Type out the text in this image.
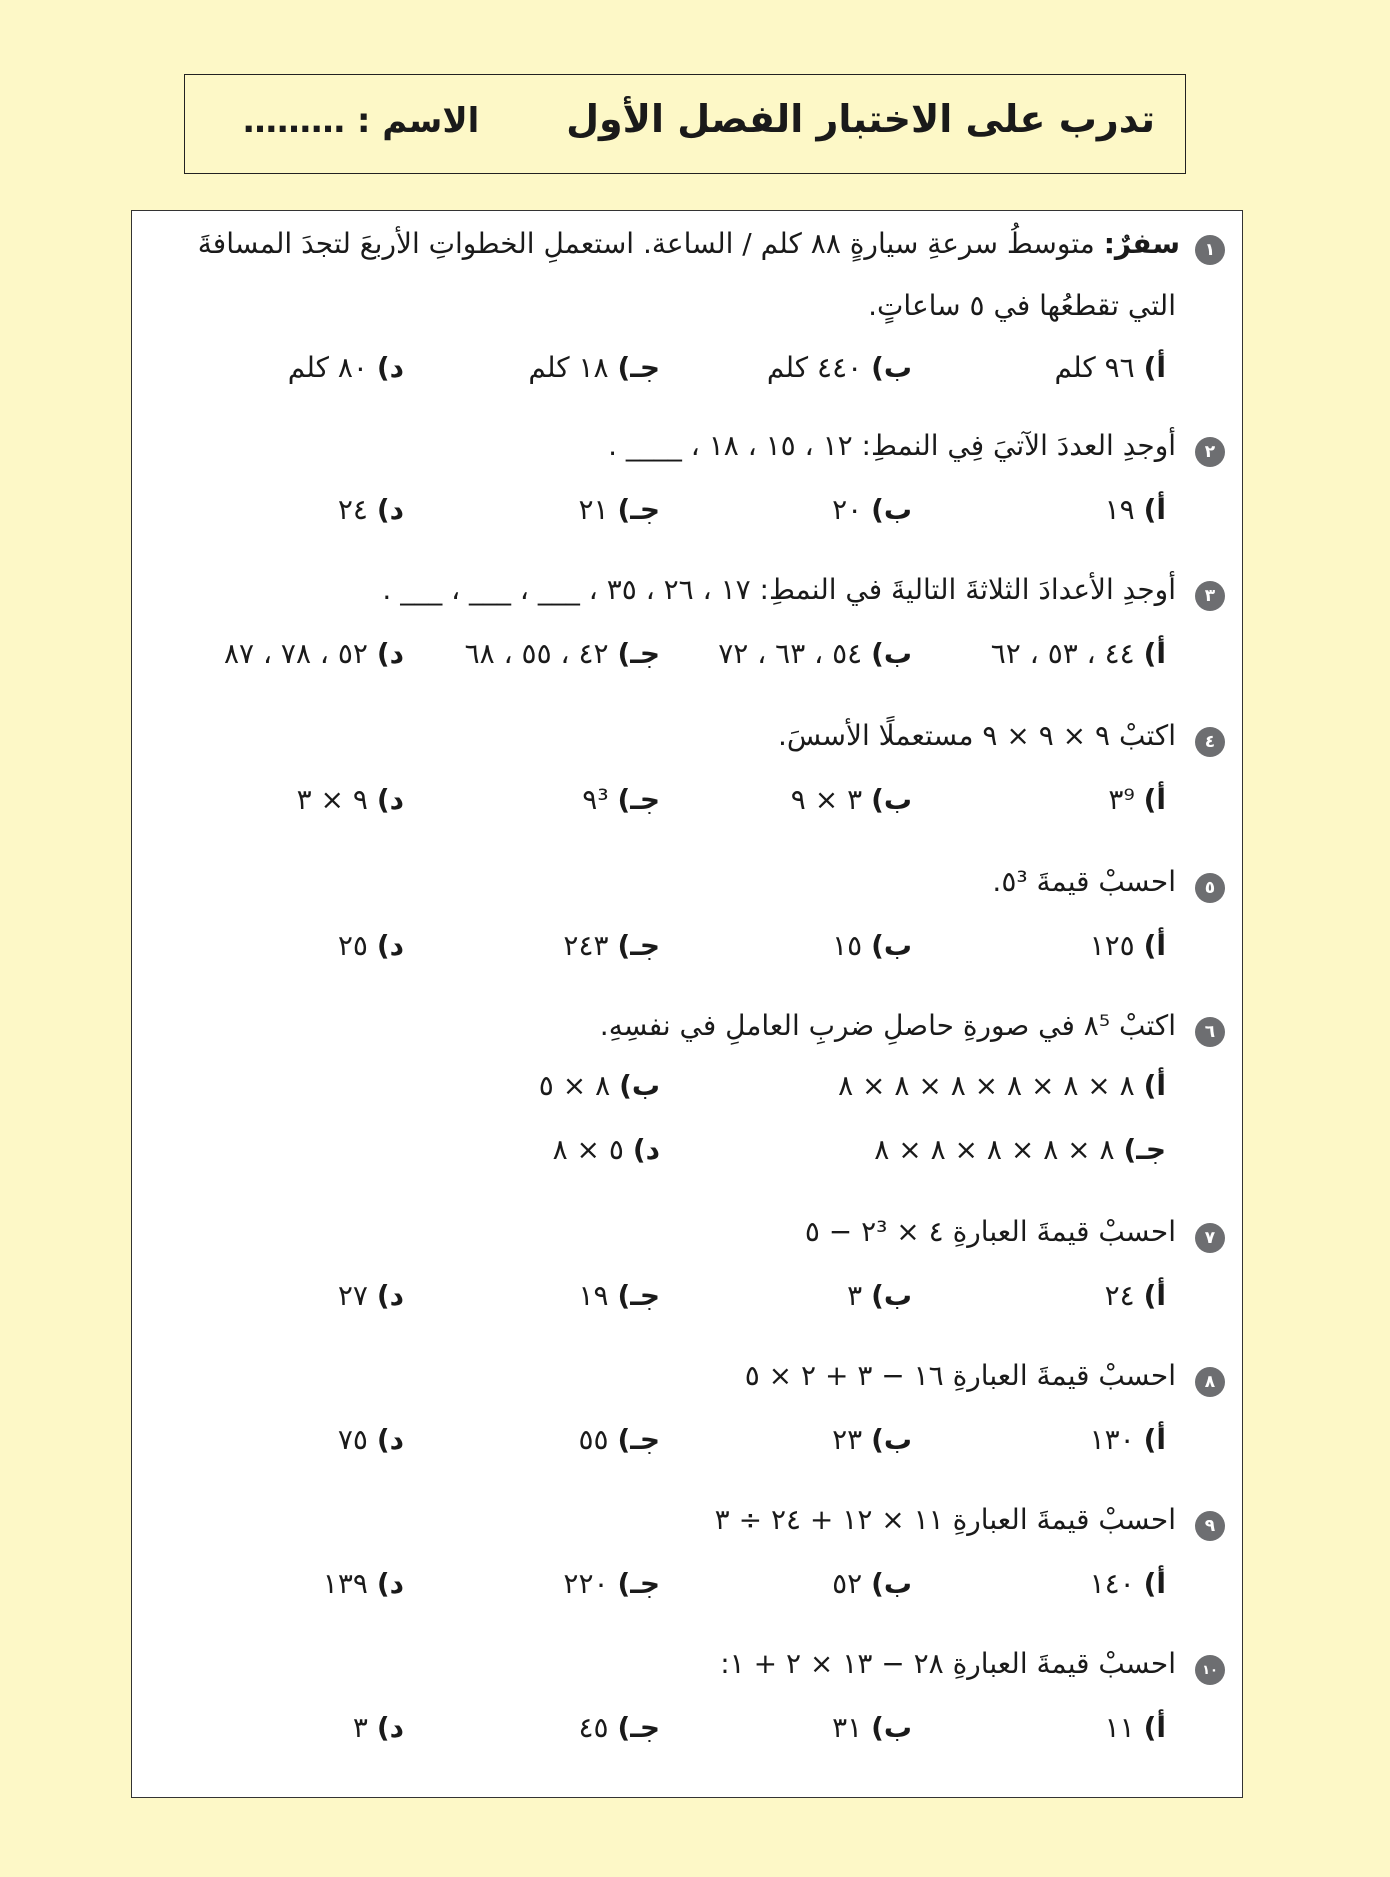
تدرب على الاختبار الفصل الأول
الاسم : ………
١
سفرٌ: متوسطُ سرعةِ سيارةٍ ٨٨ كلم / الساعة. استعملِ الخطواتِ الأربعَ لتجدَ المسافةَ
التي تقطعُها في ٥ ساعاتٍ.
أ) ٩٦ كلم
ب) ٤٤٠ كلم
جـ) ١٨ كلم
د) ٨٠ كلم
٢
أوجدِ العددَ الآتيَ فِي النمطِ: ١٢ ، ١٥ ، ١٨ ، ____ .
أ) ١٩
ب) ٢٠
جـ) ٢١
د) ٢٤
٣
أوجدِ الأعدادَ الثلاثةَ التاليةَ في النمطِ: ١٧ ، ٢٦ ، ٣٥ ، ___ ، ___ ، ___ .
أ) ٤٤ ، ٥٣ ، ٦٢
ب) ٥٤ ، ٦٣ ، ٧٢
جـ) ٤٢ ، ٥٥ ، ٦٨
د) ٥٢ ، ٧٨ ، ٨٧
٤
اكتبْ ٩ × ٩ × ٩ مستعملًا الأسسَ.
أ) ٣⁹
ب) ٣ × ٩
جـ) ٩³
د) ٩ × ٣
٥
احسبْ قيمةَ ٥³.
أ) ١٢٥
ب) ١٥
جـ) ٢٤٣
د) ٢٥
٦
اكتبْ ٨⁵ في صورةِ حاصلِ ضربِ العاملِ في نفسِهِ.
أ) ٨ × ٨ × ٨ × ٨ × ٨ × ٨
ب) ٨ × ٥
جـ) ٨ × ٨ × ٨ × ٨ × ٨
د) ٥ × ٨
٧
احسبْ قيمةَ العبارةِ ٤ × ٢³ − ٥
أ) ٢٤
ب) ٣
جـ) ١٩
د) ٢٧
٨
احسبْ قيمةَ العبارةِ ١٦ − ٣ + ٢ × ٥
أ) ١٣٠
ب) ٢٣
جـ) ٥٥
د) ٧٥
٩
احسبْ قيمةَ العبارةِ ١١ × ١٢ + ٢٤ ÷ ٣
أ) ١٤٠
ب) ٥٢
جـ) ٢٢٠
د) ١٣٩
١٠
احسبْ قيمةَ العبارةِ ٢٨ − ١٣ × ٢ + ١:
أ) ١١
ب) ٣١
جـ) ٤٥
د) ٣
